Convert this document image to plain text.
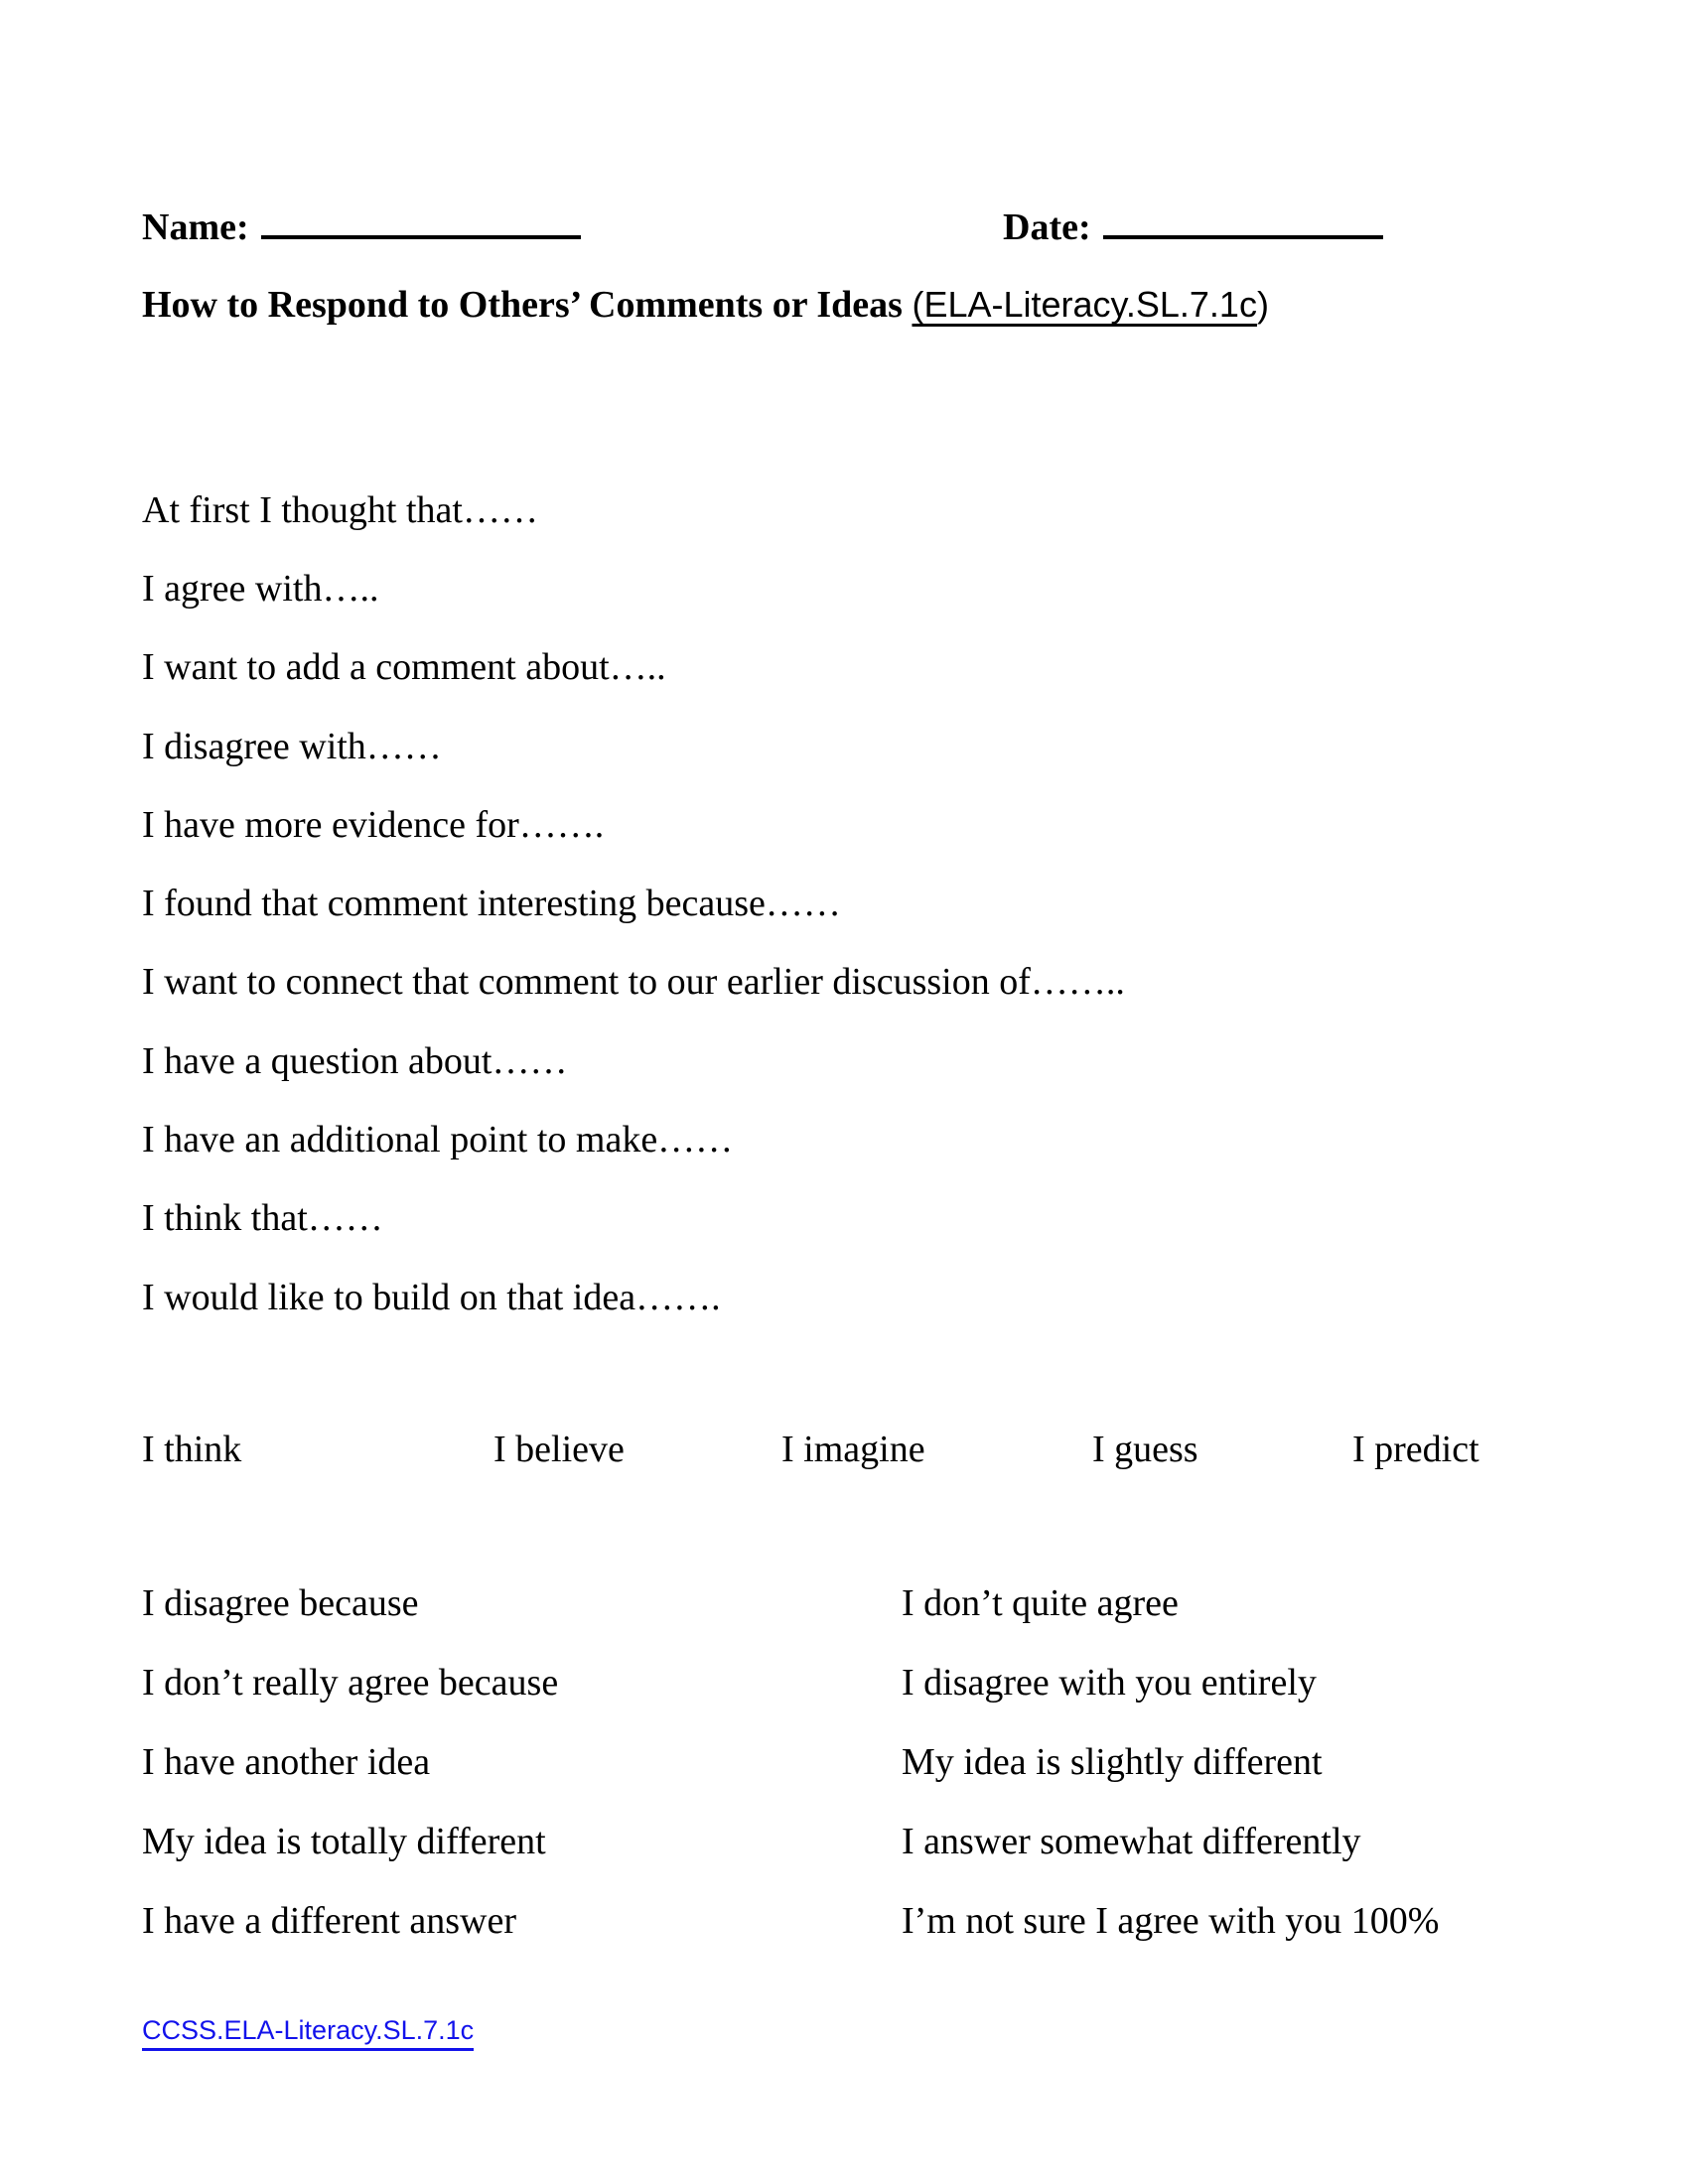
Name:	Date:
How to Respond to Others’ Comments or Ideas (ELA-Literacy.SL.7.1c)
At first I thought that……
I agree with…..
I want to add a comment about…..
I disagree with……
I have more evidence for…….
I found that comment interesting because……
I want to connect that comment to our earlier discussion of……..
I have a question about……
I have an additional point to make……
I think that……
I would like to build on that idea…….
I think	I believe	I imagine	I guess	I predict
I disagree because	I don’t quite agree
I don’t really agree because	I disagree with you entirely
I have another idea	My idea is slightly different
My idea is totally different	I answer somewhat differently
I have a different answer	I’m not sure I agree with you 100%
CCSS.ELA-Literacy.SL.7.1c
